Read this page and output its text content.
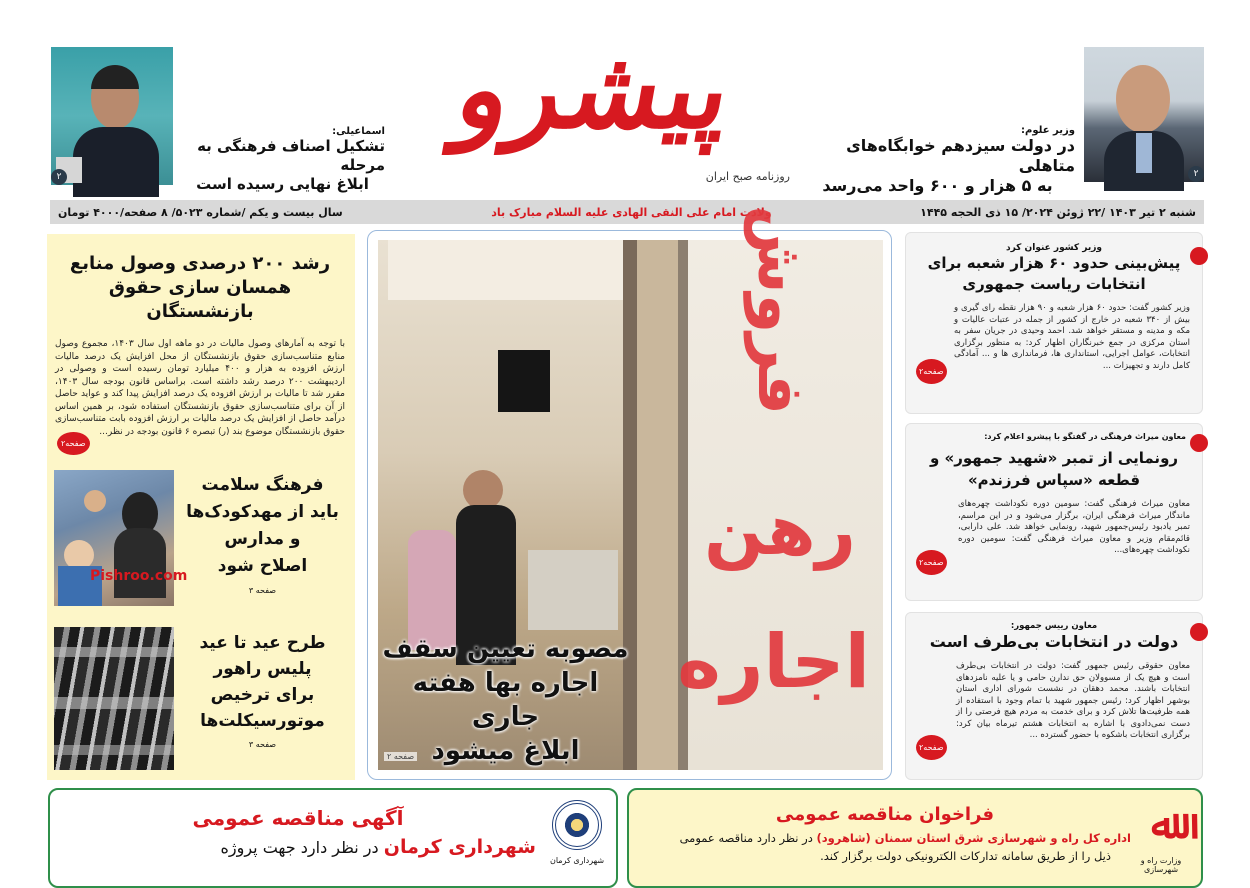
پیشرو
روزنامه صبح ایران	۲
وزیر علوم:
در دولت سیزدهم خوابگاه‌های متاهلی
به ۵ هزار و ۶۰۰ واحد می‌رسد
۲
اسماعیلی:
تشکیل اصناف فرهنگی به مرحله
ابلاغ نهایی رسیده است
شنبه ۲ تیر ۱۴۰۳ /۲۲ ژوئن ۲۰۲۴/ ۱۵ ذی الحجه ۱۴۴۵
ولادت امام علی النقی الهادی علیه السلام مبارک باد
سال بیست و یکم /شماره ۵۰۲۳/ ۸ صفحه/۴۰۰۰ تومان
رشد ۲۰۰ درصدی وصول منابع
همسان سازی حقوق بازنشستگان
با توجه به آمارهای وصول مالیات در دو ماهه اول سال ۱۴۰۳، مجموع وصول منابع متناسب‌سازی حقوق بازنشستگان از محل افزایش یک درصد مالیات ارزش افزوده به هزار و ۴۰۰ میلیارد تومان رسیده است و وصولی در اردیبهشت ۲۰۰ درصد رشد داشته است. براساس قانون بودجه سال ۱۴۰۳، مقرر شد تا مالیات بر ارزش افزوده یک درصد افزایش پیدا کند و عواید حاصل از آن برای متناسب‌سازی حقوق بازنشستگان استفاده شود، بر همین اساس درآمد حاصل از افزایش یک درصد مالیات بر ارزش افزوده بابت متناسب‌سازی حقوق بازنشستگان موضوع بند (ر) تبصره ۶ قانون بودجه در نظر...
صفحه۲
Pishroo.com
فرهنگ سلامت
باید از مهدکودک‌ها
و مدارس
اصلاح شود
صفحه ۳
طرح عید تا عید
پلیس راهور
برای ترخیص
موتورسیکلت‌ها
صفحه ۳
فروش
رهن
اجاره
مصوبه تعیین سقف
اجاره بها هفته جاری
ابلاغ میشود
صفحه ۲
وزیر کشور عنوان کرد
پیش‌بینی حدود ۶۰ هزار شعبه برای
انتخابات ریاست جمهوری
وزیر کشور گفت: حدود ۶۰ هزار شعبه و ۹۰ هزار نقطه رای گیری و بیش از ۳۴۰ شعبه در خارج از کشور از جمله در عتبات عالیات و مکه و مدینه و مستقر خواهد شد. احمد وحیدی در جریان سفر به استان مرکزی در جمع خبرنگاران اظهار کرد: به منظور برگزاری انتخابات، عوامل اجرایی، استانداری ها، فرمانداری ها و ... آمادگی کامل دارند و تجهیزات ...
صفحه۲
معاون میراث فرهنگی در گفتگو با پیشرو اعلام کرد:
رونمایی از تمبر «شهید جمهور» و
قطعه «سپاس فرزندم»
معاون میراث فرهنگی گفت: سومین دوره نکوداشت چهره‌های ماندگار میراث فرهنگی ایران، برگزار می‌شود و در این مراسم، تمبر یادبود رئیس‌جمهور شهید، رونمایی خواهد شد. علی دارابی، قائم‌مقام وزیر و معاون میراث فرهنگی گفت: سومین دوره نکوداشت چهره‌های...
صفحه۲
معاون رییس جمهور:
دولت در انتخابات بی‌طرف است
معاون حقوقی رئیس جمهور گفت: دولت در انتخابات بی‌طرف است و هیچ یک از مسوولان حق ندارن حامی و یا علیه نامزدهای انتخابات باشند. محمد دهقان در نشست شورای اداری استان بوشهر اظهار کرد: رئیس جمهور شهید با تمام وجود با استفاده از همه ظرفیت‌ها تلاش کرد و برای خدمت به مردم هیچ فرصتی را از دست نمی‌دادوی با اشاره به انتخابات هشتم تیرماه بیان کرد: برگزاری انتخابات باشکوه با حضور گسترده ...
صفحه۲
آگهی مناقصه عمومی
شهرداری کرمان در نظر دارد جهت پروژه
شهرداری کرمان
فراخوان مناقصه عمومی
اداره کل راه و شهرسازی شرق استان سمنان (شاهرود) در نظر دارد مناقصه عمومی
ذیل را از طریق سامانه تدارکات الکترونیکی دولت برگزار کند.
ﷲ
وزارت راه و شهرسازی
